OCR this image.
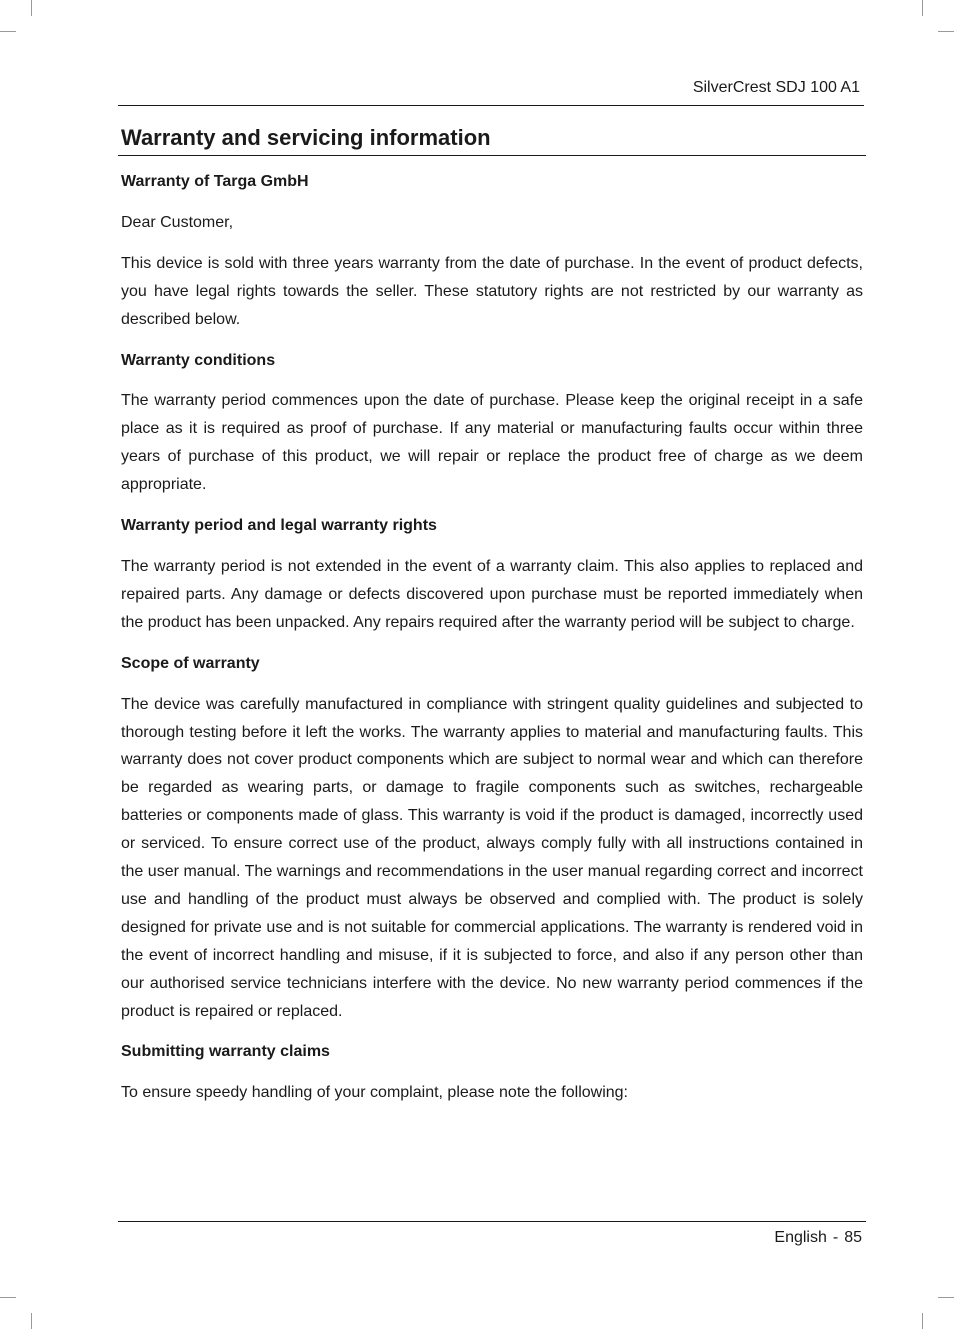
SilverCrest SDJ 100 A1
Warranty and servicing information
Warranty of Targa GmbH

Dear Customer,

This device is sold with three years warranty from the date of purchase. In the event of product defects, you have legal rights towards the seller. These statutory rights are not restricted by our warranty as described below.

Warranty conditions

The warranty period commences upon the date of purchase. Please keep the original receipt in a safe place as it is required as proof of purchase. If any material or manufacturing faults occur within three years of purchase of this product, we will repair or replace the product free of charge as we deem appropriate.

Warranty period and legal warranty rights

The warranty period is not extended in the event of a warranty claim. This also applies to replaced and repaired parts. Any damage or defects discovered upon purchase must be reported immediately when the product has been unpacked. Any repairs required after the warranty period will be subject to charge.

Scope of warranty

The device was carefully manufactured in compliance with stringent quality guidelines and subjected to thorough testing before it left the works. The warranty applies to material and manufacturing faults. This warranty does not cover product components which are subject to normal wear and which can therefore be regarded as wearing parts, or damage to fragile components such as switches, rechargeable batteries or components made of glass. This warranty is void if the product is damaged, incorrectly used or serviced. To ensure correct use of the product, always comply fully with all instructions contained in the user manual. The warnings and recommendations in the user manual regarding correct and incorrect use and handling of the product must always be observed and complied with. The product is solely designed for private use and is not suitable for commercial applications. The warranty is rendered void in the event of incorrect handling and misuse, if it is subjected to force, and also if any person other than our authorised service technicians interfere with the device. No new warranty period commences if the product is repaired or replaced.

Submitting warranty claims

To ensure speedy handling of your complaint, please note the following:

English - 85
